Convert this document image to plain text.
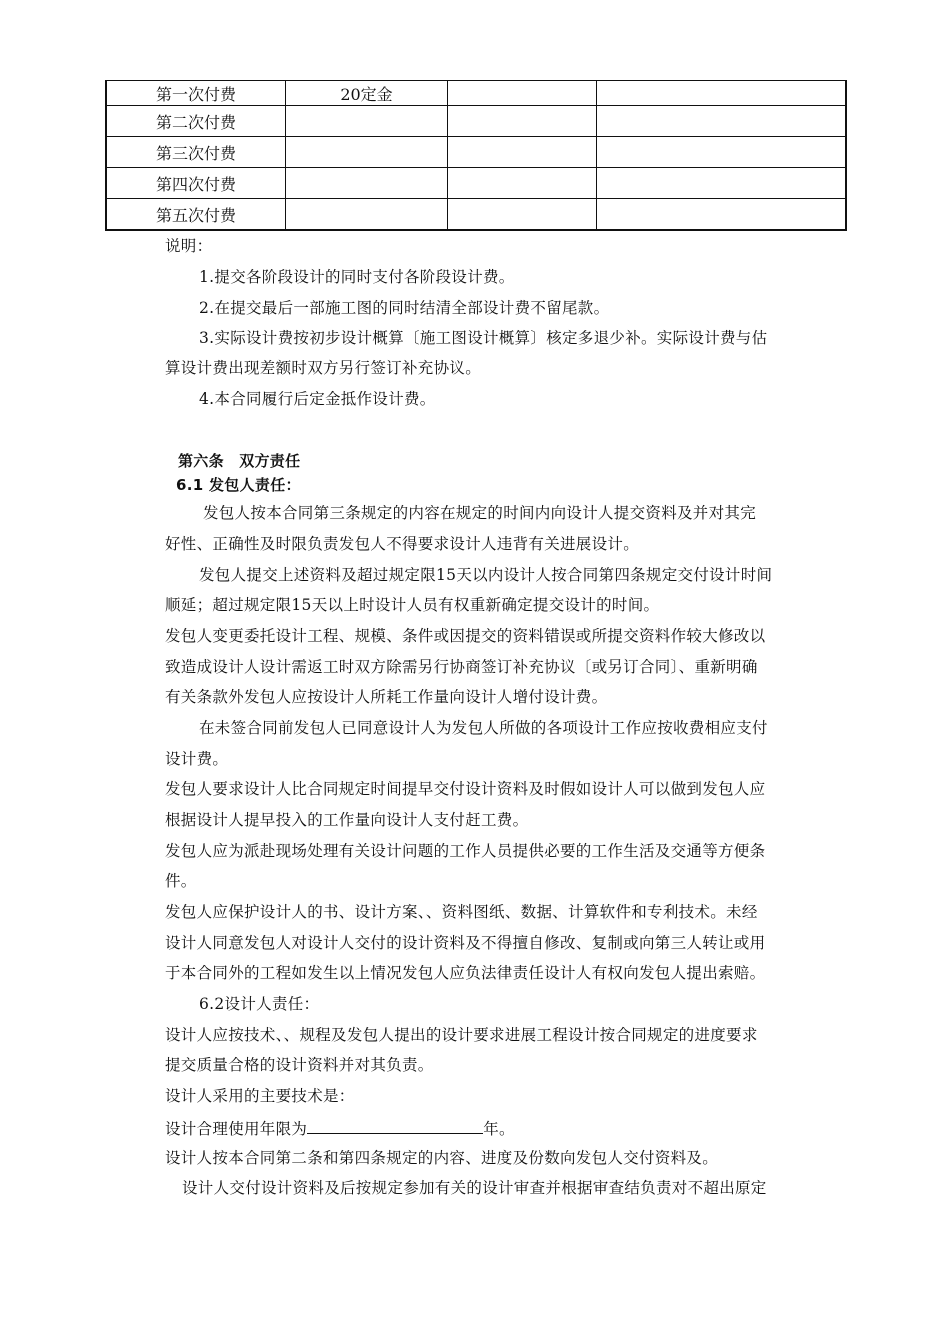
第一次付费	20定金		
第二次付费			
第三次付费			
第四次付费			
第五次付费			
说明：
1.提交各阶段设计的同时支付各阶段设计费。
2.在提交最后一部施工图的同时结清全部设计费不留尾款。
3.实际设计费按初步设计概算〔施工图设计概算〕核定多退少补。实际设计费与估
算设计费出现差额时双方另行签订补充协议。
4.本合同履行后定金抵作设计费。
第六条　双方责任
6.1 发包人责任：
发包人按本合同第三条规定的内容在规定的时间内向设计人提交资料及并对其完
好性、正确性及时限负责发包人不得要求设计人违背有关进展设计。
发包人提交上述资料及超过规定限15天以内设计人按合同第四条规定交付设计时间
顺延；超过规定限15天以上时设计人员有权重新确定提交设计的时间。
发包人变更委托设计工程、规模、条件或因提交的资料错误或所提交资料作较大修改以
致造成设计人设计需返工时双方除需另行协商签订补充协议〔或另订合同〕、重新明确
有关条款外发包人应按设计人所耗工作量向设计人增付设计费。
在未签合同前发包人已同意设计人为发包人所做的各项设计工作应按收费相应支付
设计费。
发包人要求设计人比合同规定时间提早交付设计资料及时假如设计人可以做到发包人应
根据设计人提早投入的工作量向设计人支付赶工费。
发包人应为派赴现场处理有关设计问题的工作人员提供必要的工作生活及交通等方便条
件。
发包人应保护设计人的书、设计方案、、资料图纸、数据、计算软件和专利技术。未经
设计人同意发包人对设计人交付的设计资料及不得擅自修改、复制或向第三人转让或用
于本合同外的工程如发生以上情况发包人应负法律责任设计人有权向发包人提出索赔。
6.2设计人责任：
设计人应按技术、、规程及发包人提出的设计要求进展工程设计按合同规定的进度要求
提交质量合格的设计资料并对其负责。
设计人采用的主要技术是：
设计合理使用年限为	年。
设计人按本合同第二条和第四条规定的内容、进度及份数向发包人交付资料及。
设计人交付设计资料及后按规定参加有关的设计审查并根据审查结负责对不超出原定
